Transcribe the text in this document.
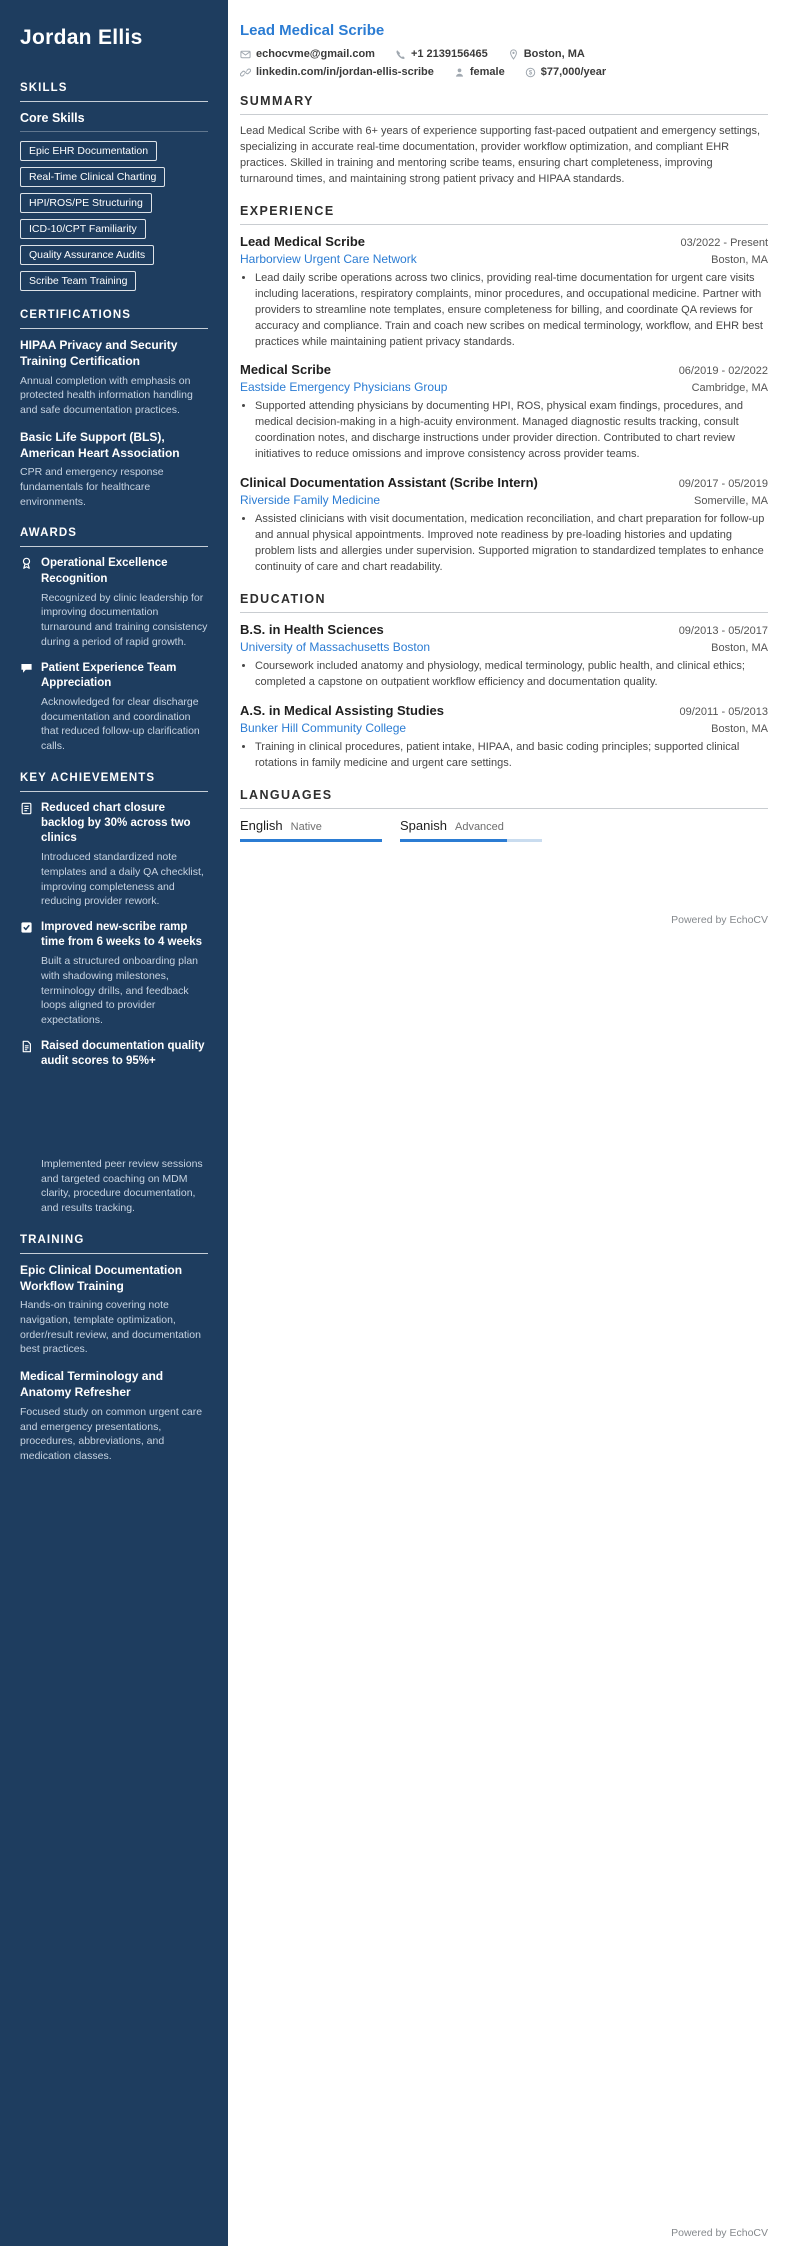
Jordan Ellis
SKILLS
Core Skills
Epic EHR Documentation
Real-Time Clinical Charting
HPI/ROS/PE Structuring
ICD-10/CPT Familiarity
Quality Assurance Audits
Scribe Team Training
CERTIFICATIONS
HIPAA Privacy and Security Training Certification
Annual completion with emphasis on protected health information handling and safe documentation practices.
Basic Life Support (BLS), American Heart Association
CPR and emergency response fundamentals for healthcare environments.
AWARDS
Operational Excellence Recognition
Recognized by clinic leadership for improving documentation turnaround and training consistency during a period of rapid growth.
Patient Experience Team Appreciation
Acknowledged for clear discharge documentation and coordination that reduced follow-up clarification calls.
KEY ACHIEVEMENTS
Reduced chart closure backlog by 30% across two clinics
Introduced standardized note templates and a daily QA checklist, improving completeness and reducing provider rework.
Improved new-scribe ramp time from 6 weeks to 4 weeks
Built a structured onboarding plan with shadowing milestones, terminology drills, and feedback loops aligned to provider expectations.
Raised documentation quality audit scores to 95%+
Implemented peer review sessions and targeted coaching on MDM clarity, procedure documentation, and results tracking.
TRAINING
Epic Clinical Documentation Workflow Training
Hands-on training covering note navigation, template optimization, order/result review, and documentation best practices.
Medical Terminology and Anatomy Refresher
Focused study on common urgent care and emergency presentations, procedures, abbreviations, and medication classes.
Lead Medical Scribe
echocvme@gmail.com	+1 2139156465	Boston, MA
linkedin.com/in/jordan-ellis-scribe	female	$ $77,000/year
SUMMARY

Lead Medical Scribe with 6+ years of experience supporting fast-paced outpatient and emergency settings, specializing in accurate real-time documentation, provider workflow optimization, and compliant EHR practices. Skilled in training and mentoring scribe teams, ensuring chart completeness, improving turnaround times, and maintaining strong patient privacy and HIPAA standards.

EXPERIENCE
Lead Medical Scribe	03/2022 - Present
Harborview Urgent Care Network	Boston, MA
• Lead daily scribe operations across two clinics, providing real-time documentation for urgent care visits including lacerations, respiratory complaints, minor procedures, and occupational medicine. Partner with providers to streamline note templates, ensure completeness for billing, and coordinate QA reviews for accuracy and compliance. Train and coach new scribes on medical terminology, workflow, and EHR best practices while maintaining patient privacy standards.
Medical Scribe	06/2019 - 02/2022
Eastside Emergency Physicians Group	Cambridge, MA
• Supported attending physicians by documenting HPI, ROS, physical exam findings, procedures, and medical decision-making in a high-acuity environment. Managed diagnostic results tracking, consult coordination notes, and discharge instructions under provider direction. Contributed to chart review initiatives to reduce omissions and improve consistency across provider teams.
Clinical Documentation Assistant (Scribe Intern)	09/2017 - 05/2019
Riverside Family Medicine	Somerville, MA
• Assisted clinicians with visit documentation, medication reconciliation, and chart preparation for follow-up and annual physical appointments. Improved note readiness by pre-loading histories and updating problem lists and allergies under supervision. Supported migration to standardized templates to enhance continuity of care and chart readability.
EDUCATION
B.S. in Health Sciences	09/2013 - 05/2017
University of Massachusetts Boston	Boston, MA
• Coursework included anatomy and physiology, medical terminology, public health, and clinical ethics; completed a capstone on outpatient workflow efficiency and documentation quality.
A.S. in Medical Assisting Studies	09/2011 - 05/2013
Bunker Hill Community College	Boston, MA
• Training in clinical procedures, patient intake, HIPAA, and basic coding principles; supported clinical rotations in family medicine and urgent care settings.
LANGUAGES
English Native	Spanish Advanced
Powered by EchoCV
Powered by EchoCV
